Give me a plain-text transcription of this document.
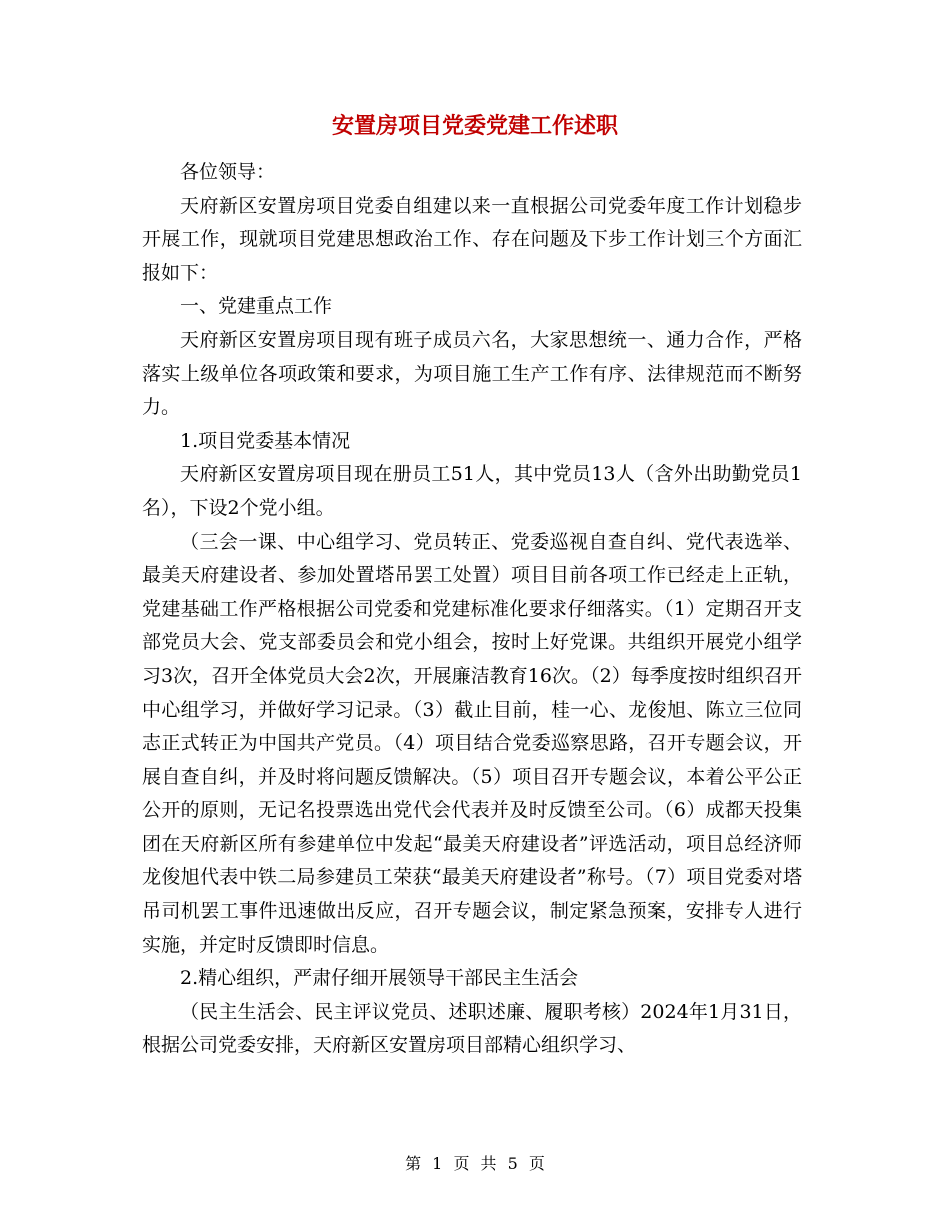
安置房项目党委党建工作述职

各位领导：

天府新区安置房项目党委自组建以来一直根据公司党委年度工作计划稳步开展工作，现就项目党建思想政治工作、存在问题及下步工作计划三个方面汇报如下：

一、党建重点工作

天府新区安置房项目现有班子成员六名，大家思想统一、通力合作，严格落实上级单位各项政策和要求，为项目施工生产工作有序、法律规范而不断努力。

1.项目党委基本情况

天府新区安置房项目现在册员工51人，其中党员13人（含外出助勤党员1名），下设2个党小组。

（三会一课、中心组学习、党员转正、党委巡视自查自纠、党代表选举、最美天府建设者、参加处置塔吊罢工处置）项目目前各项工作已经走上正轨，党建基础工作严格根据公司党委和党建标准化要求仔细落实。（1）定期召开支部党员大会、党支部委员会和党小组会，按时上好党课。共组织开展党小组学习3次，召开全体党员大会2次，开展廉洁教育16次。（2）每季度按时组织召开中心组学习，并做好学习记录。（3）截止目前，桂一心、龙俊旭、陈立三位同志正式转正为中国共产党员。（4）项目结合党委巡察思路，召开专题会议，开展自查自纠，并及时将问题反馈解决。（5）项目召开专题会议，本着公平公正公开的原则，无记名投票选出党代会代表并及时反馈至公司。（6）成都天投集团在天府新区所有参建单位中发起“最美天府建设者”评选活动，项目总经济师龙俊旭代表中铁二局参建员工荣获“最美天府建设者”称号。（7）项目党委对塔吊司机罢工事件迅速做出反应，召开专题会议，制定紧急预案，安排专人进行实施，并定时反馈即时信息。

2.精心组织，严肃仔细开展领导干部民主生活会

（民主生活会、民主评议党员、述职述廉、履职考核）2024年1月31日，根据公司党委安排，天府新区安置房项目部精心组织学习、

第 1 页 共 5 页
